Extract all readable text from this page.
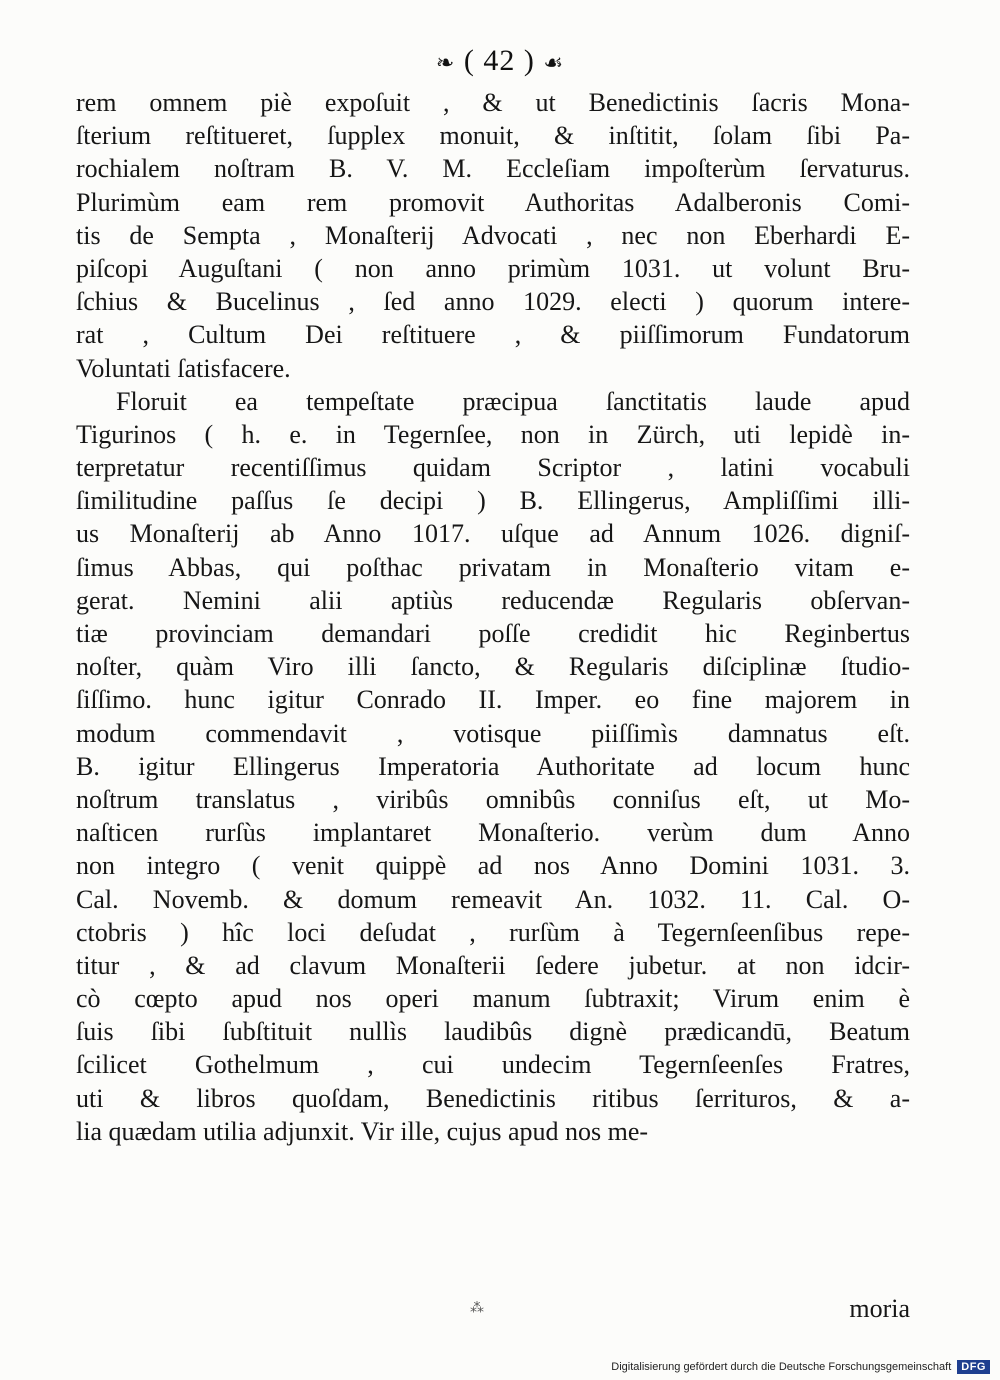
❧ ( 42 ) ☙
rem omnem piè expoſuit , & ut Benedictinis ſacris Mona-
ſterium reſtitueret, ſupplex monuit, & inſtitit, ſolam ſibi Pa-
rochialem noſtram B. V. M. Eccleſiam impoſterùm ſervaturus.
Plurimùm eam rem promovit Authoritas Adalberonis Comi-
tis de Sempta , Monaſterij Advocati , nec non Eberhardi E-
piſcopi Auguſtani ( non anno primùm 1031. ut volunt Bru-
ſchius & Bucelinus , ſed anno 1029. electi ) quorum intere-
rat , Cultum Dei reſtituere , & piiſſimorum Fundatorum
Voluntati ſatisfacere.
Floruit ea tempeſtate præcipua ſanctitatis laude apud
Tigurinos ( h. e. in Tegernſee, non in Zürch, uti lepidè in-
terpretatur recentiſſimus quidam Scriptor , latini vocabuli
ſimilitudine paſſus ſe decipi ) B. Ellingerus, Ampliſſimi illi-
us Monaſterij ab Anno 1017. uſque ad Annum 1026. digniſ-
ſimus Abbas, qui poſthac privatam in Monaſterio vitam e-
gerat. Nemini alii aptiùs reducendæ Regularis obſervan-
tiæ provinciam demandari poſſe credidit hic Reginbertus
noſter, quàm Viro illi ſancto, & Regularis diſciplinæ ſtudio-
ſiſſimo. hunc igitur Conrado II. Imper. eo fine majorem in
modum commendavit , votisque piiſſimìs damnatus eſt.
B. igitur Ellingerus Imperatoria Authoritate ad locum hunc
noſtrum translatus , viribûs omnibûs conniſus eſt, ut Mo-
naſticen rurſùs implantaret Monaſterio. verùm dum Anno
non integro ( venit quippè ad nos Anno Domini 1031. 3.
Cal. Novemb. & domum remeavit An. 1032. 11. Cal. O-
ctobris ) hîc loci deſudat , rurſùm à Tegernſeenſibus repe-
titur , & ad clavum Monaſterii ſedere jubetur. at non idcir-
cò cœpto apud nos operi manum ſubtraxit; Virum enim è
ſuis ſibi ſubſtituit nullìs laudibûs dignè prædicandū, Beatum
ſcilicet Gothelmum , cui undecim Tegernſeenſes Fratres,
uti & libros quoſdam, Benedictinis ritibus ſerrituros, & a-
lia quædam utilia adjunxit. Vir ille, cujus apud nos me-
⁂	moria
Digitalisierung gefördert durch die Deutsche Forschungsgemeinschaft DFG
